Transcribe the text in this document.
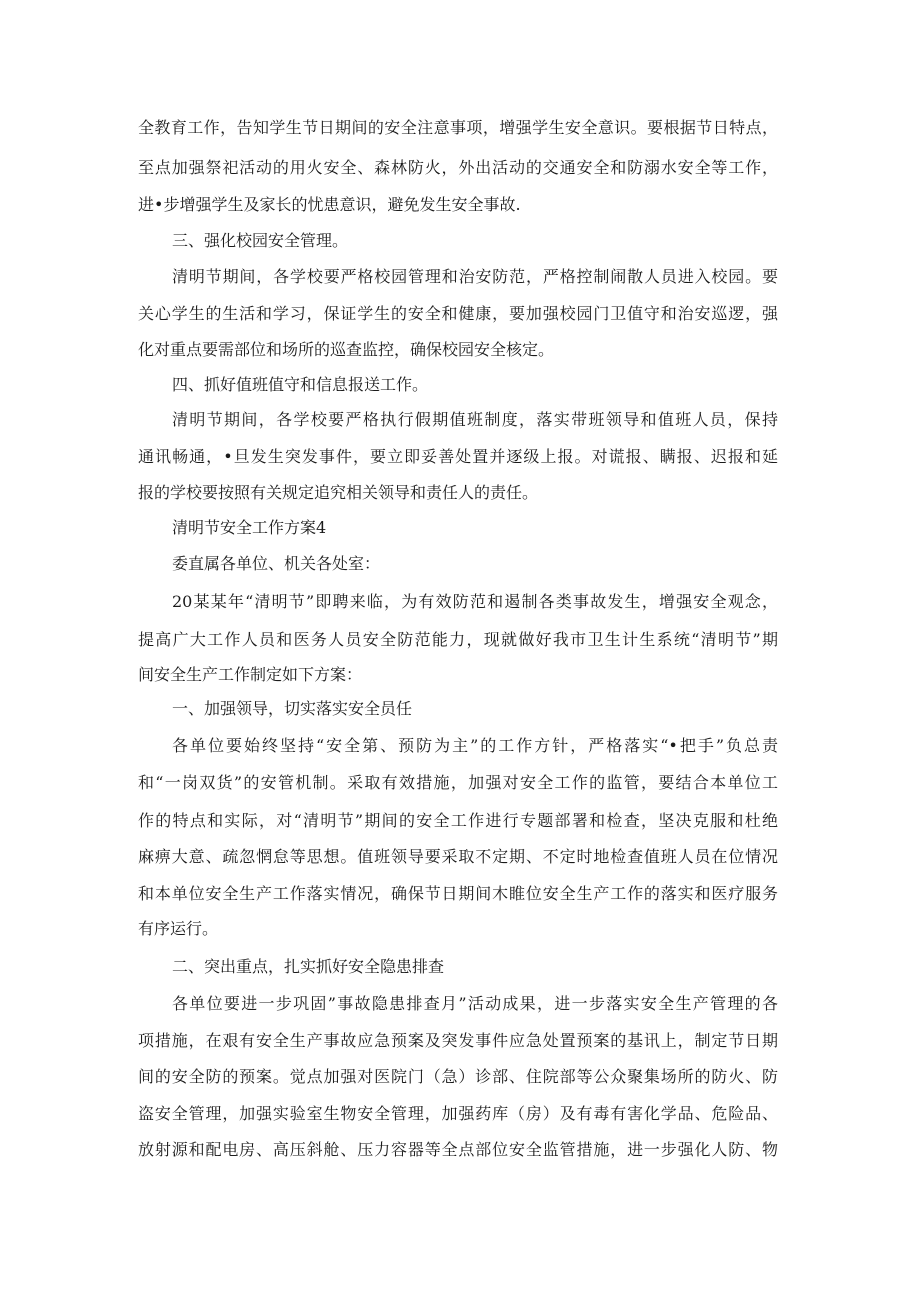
全教育工作，告知学生节日期间的安全注意事项，增强学生安全意识。要根据节日特点，
至点加强祭祀活动的用火安全、森林防火，外出活动的交通安全和防溺水安全等工作，
进•步增强学生及家长的忧患意识，避免发生安全事故.
三、强化校园安全管理。
清明节期间，各学校要严格校园管理和治安防范，严格控制闹散人员进入校园。要
关心学生的生活和学习，保证学生的安全和健康，要加强校园门卫值守和治安巡逻，强
化对重点要需部位和场所的巡查监控，确保校园安全核定。
四、抓好值班值守和信息报送工作。
清明节期间，各学校要严格执行假期值班制度，落实带班领导和值班人员，保持
通讯畅通，•旦发生突发事件，要立即妥善处置并逐级上报。对谎报、瞒报、迟报和延
报的学校要按照有关规定追究相关领导和责任人的责任。
清明节安全工作方案4
委直属各单位、机关各处室：
20某某年“清明节”即聘来临，为有效防范和遏制各类事故发生，增强安全观念，
提高广大工作人员和医务人员安全防范能力，现就做好我市卫生计生系统“清明节”期
间安全生产工作制定如下方案：
一、加强领导，切实落实安全员任
各单位要始终坚持“安全第、预防为主”的工作方针，严格落实“•把手”负总责
和“一岗双货”的安管机制。采取有效措施，加强对安全工作的监管，要结合本单位工
作的特点和实际，对“清明节”期间的安全工作进行专题部署和检查，坚决克服和杜绝
麻痹大意、疏忽惘怠等思想。值班领导要采取不定期、不定时地检查值班人员在位情况
和本单位安全生产工作落实情况，确保节日期间木睢位安全生产工作的落实和医疗服务
有序运行。
二、突出重点，扎实抓好安全隐患排查
各单位要进一步巩固”事故隐患排查月”活动成果，进一步落实安全生产管理的各
项措施，在艰有安全生产事故应急预案及突发事件应急处置预案的基讯上，制定节日期
间的安全防的预案。觉点加强对医院门（急）诊部、住院部等公众聚集场所的防火、防
盗安全管理，加强实验室生物安全管理，加强药库（房）及有毒有害化学品、危险品、
放射源和配电房、高压斜舱、压力容器等全点部位安全监管措施，进一步强化人防、物
